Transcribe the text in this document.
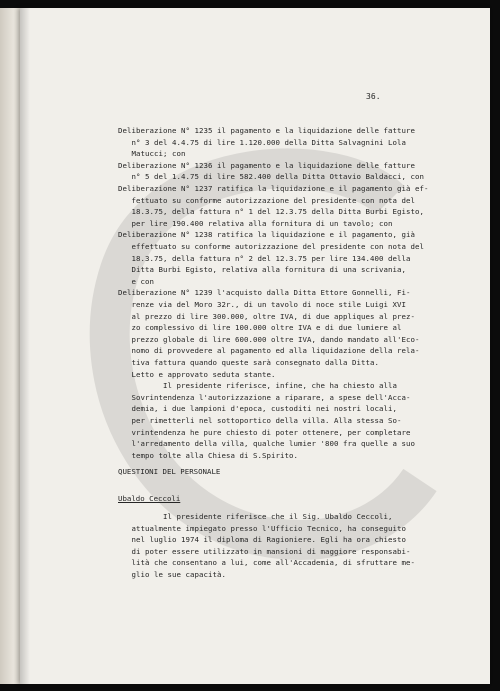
36.

Deliberazione N° 1235 il pagamento e la liquidazione delle fatture

n° 3 del 4.4.75 di lire 1.120.000 della Ditta Salvagnini Lola

Matucci; con

Deliberazione N° 1236 il pagamento e la liquidazione delle fatture

n° 5 del 1.4.75 di lire 582.400 della Ditta Ottavio Baldacci, con

Deliberazione N° 1237 ratifica la liquidazione e il pagamento già ef-

fettuato su conforme autorizzazione del presidente con nota del

18.3.75, della fattura n° 1 del 12.3.75 della Ditta Burbi Egisto,

per lire 190.400 relativa alla fornitura di un tavolo; con

Deliberazione N° 1238 ratifica la liquidazione e il pagamento, già

effettuato su conforme autorizzazione del presidente con nota del

18.3.75, della fattura n° 2 del 12.3.75 per lire 134.400 della

Ditta Burbi Egisto, relativa alla fornitura di una scrivania,

e con

Deliberazione N° 1239 l'acquisto dalla Ditta Ettore Gonnelli, Fi-

renze via del Moro 32r., di un tavolo di noce stile Luigi XVI

al prezzo di lire 300.000, oltre IVA, di due appliques al prez-

zo complessivo di lire 100.000 oltre IVA e di due lumiere al

prezzo globale di lire 600.000 oltre IVA, dando mandato all'Eco-

nomo di provvedere al pagamento ed alla liquidazione della rela-

tiva fattura quando queste sarà consegnato dalla Ditta.

Letto e approvato seduta stante.

Il presidente riferisce, infine, che ha chiesto alla

Sovrintendenza l'autorizzazione a riparare, a spese dell'Acca-

demia, i due lampioni d'epoca, custoditi nei nostri locali,

per rimetterli nel sottoportico della villa. Alla stessa So-

vrintendenza he pure chiesto di poter ottenere, per completare

l'arredamento della villa, qualche lumier '800 fra quelle a suo

tempo tolte alla Chiesa di S.Spirito.

QUESTIONI DEL PERSONALE

Ubaldo Ceccoli

Il presidente riferisce che il Sig. Ubaldo Ceccoli,

attualmente impiegato presso l'Ufficio Tecnico, ha conseguito

nel luglio 1974 il diploma di Ragioniere. Egli ha ora chiesto

di poter essere utilizzato in mansioni di maggiore responsabi-

lità che consentano a lui, come all'Accademia, di sfruttare me-

glio le sue capacità.
